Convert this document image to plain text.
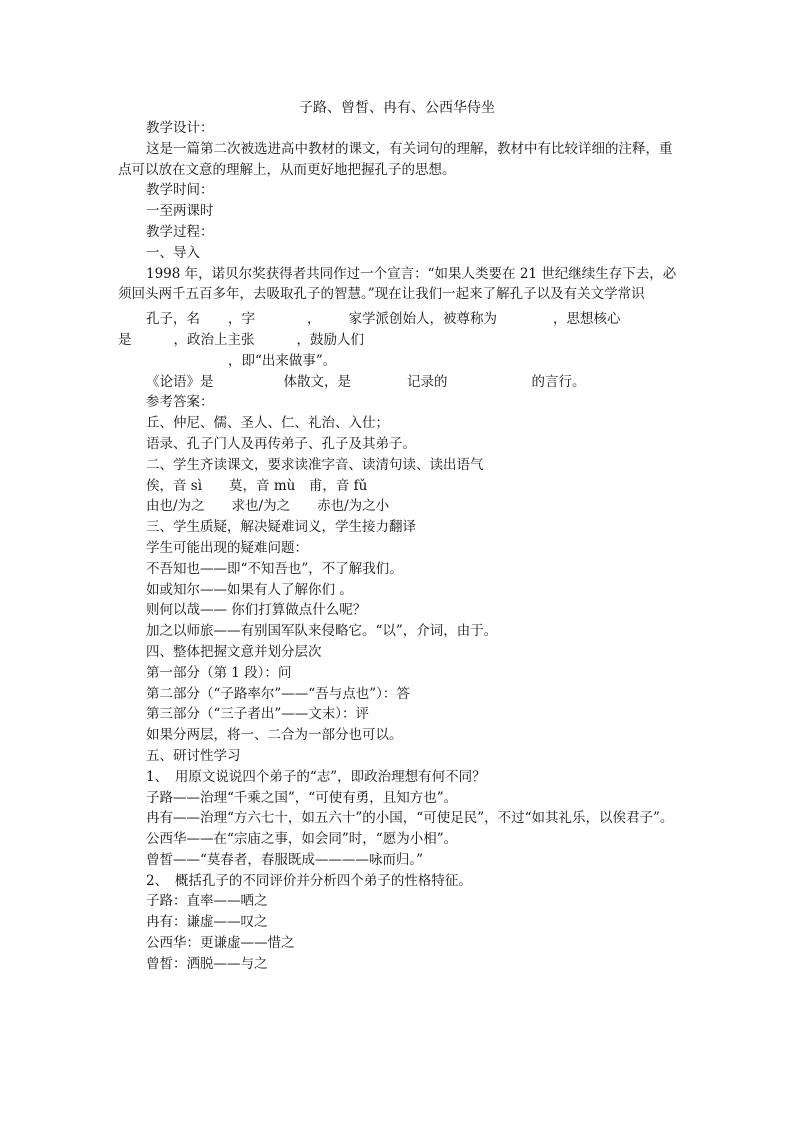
子路、曾皙、冉有、公西华侍坐
教学设计：
这是一篇第二次被选进高中教材的课文，有关词句的理解，教材中有比较详细的注释，重点可以放在文意的理解上，从而更好地把握孔子的思想。
教学时间：
一至两课时
教学过程：
一、导入
1998 年，诺贝尔奖获得者共同作过一个宣言：“如果人类要在 21 世纪继续生存下去，必须回头两千五百多年，去吸取孔子的智慧。”现在让我们一起来了解孔子以及有关文学常识
孔子，名 ，字	， 家学派创始人，被尊称为	，思想核心
是	，政治上主张	，鼓励人们
，即“出来做事”。
《论语》是	体散文，是	记录的	的言行。
参考答案：
丘、仲尼、儒、圣人、仁、礼治、入仕；
语录、孔子门人及再传弟子、孔子及其弟子。
二、学生齐读课文，要求读准字音、读清句读、读出语气
俟，音 sì　　莫，音 mù　甫，音 fǔ
由也/为之　　求也/为之　　赤也/为之小
三、学生质疑，解决疑难词义，学生接力翻译
学生可能出现的疑难问题：
不吾知也——即“不知吾也”，不了解我们。
如或知尔——如果有人了解你们 。
则何以哉—— 你们打算做点什么呢？
加之以师旅——有别国军队来侵略它。“以”，介词，由于。
四、整体把握文意并划分层次
第一部分（第 1 段）：问
第二部分（“子路率尔”——“吾与点也”）：答
第三部分（“三子者出”——文末）：评
如果分两层，将一、二合为一部分也可以。
五、研讨性学习
1、　用原文说说四个弟子的“志”，即政治理想有何不同？
子路——治理“千乘之国”，“可使有勇，且知方也”。
冉有——治理“方六七十，如五六十”的小国，“可使足民”，不过“如其礼乐，以俟君子”。
公西华——在“宗庙之事，如会同”时，“愿为小相”。
曾皙——“莫春者，春服既成————咏而归。”
2、　概括孔子的不同评价并分析四个弟子的性格特征。
子路：直率——哂之
冉有：谦虚——叹之
公西华：更谦虚——惜之
曾皙：洒脱——与之
